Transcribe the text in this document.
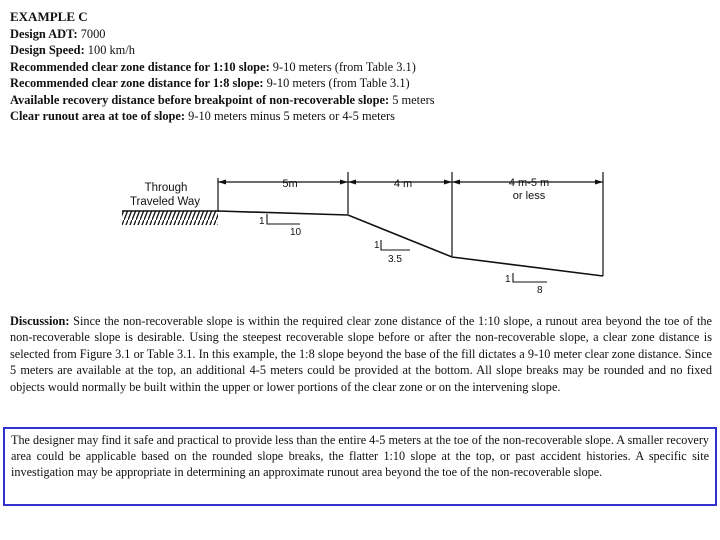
EXAMPLE C
Design ADT: 7000
Design Speed: 100 km/h
Recommended clear zone distance for 1:10 slope: 9-10 meters (from Table 3.1)
Recommended clear zone distance for 1:8 slope: 9-10 meters (from Table 3.1)
Available recovery distance before breakpoint of non-recoverable slope: 5 meters
Clear runout area at toe of slope: 9-10 meters minus 5 meters or 4-5 meters
Through
Traveled Way
5m	4 m	4 m-5 m
or less
1
10
1
3.5
1
8
Discussion: Since the non-recoverable slope is within the required clear zone distance of the 1:10 slope, a runout area beyond the toe of the non-recoverable slope is desirable. Using the steepest recoverable slope before or after the non-recoverable slope, a clear zone distance is selected from Figure 3.1 or Table 3.1. In this example, the 1:8 slope beyond the base of the fill dictates a 9-10 meter clear zone distance. Since 5 meters are available at the top, an additional 4-5 meters could be provided at the bottom. All slope breaks may be rounded and no fixed objects would normally be built within the upper or lower portions of the clear zone or on the intervening slope.
The designer may find it safe and practical to provide less than the entire 4-5 meters at the toe of the non-recoverable slope. A smaller recovery area could be applicable based on the rounded slope breaks, the flatter 1:10 slope at the top, or past accident histories. A specific site investigation may be appropriate in determining an approximate runout area beyond the toe of the non-recoverable slope.
